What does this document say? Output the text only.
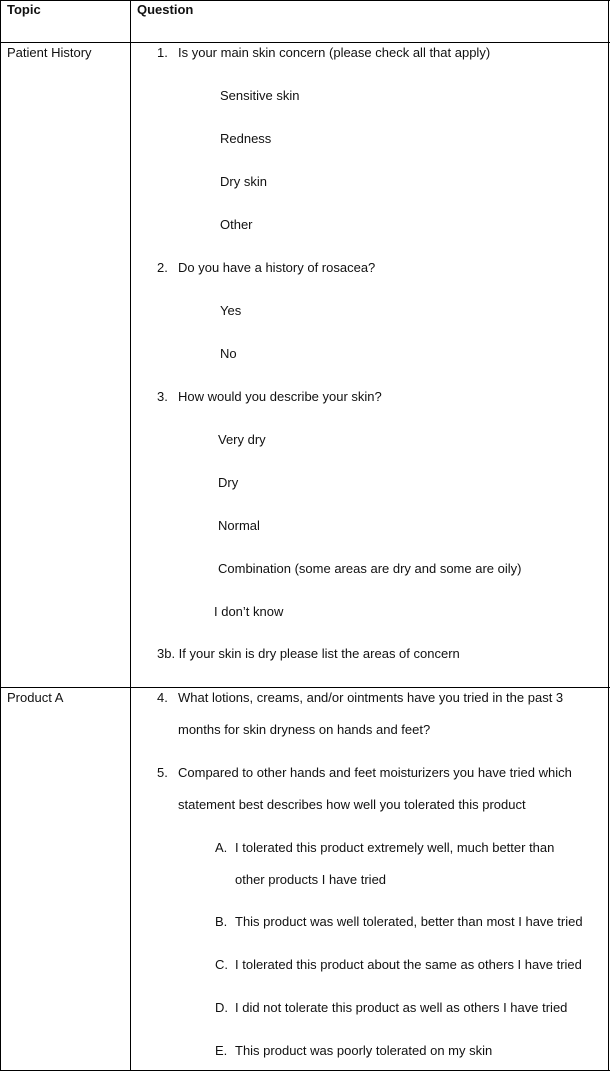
Topic	Question
Patient History	1. Is your main skin concern (please check all that apply)
Sensitive skin
Redness
Dry skin
Other
2. Do you have a history of rosacea?
Yes
No
3. How would you describe your skin?
Very dry
Dry
Normal
Combination (some areas are dry and some are oily)
I don’t know
3b. If your skin is dry please list the areas of concern
Product A	4. What lotions, creams, and/or ointments have you tried in the past 3
months for skin dryness on hands and feet?
5. Compared to other hands and feet moisturizers you have tried which
statement best describes how well you tolerated this product
A. I tolerated this product extremely well, much better than
other products I have tried
B. This product was well tolerated, better than most I have tried
C. I tolerated this product about the same as others I have tried
D. I did not tolerate this product as well as others I have tried
E. This product was poorly tolerated on my skin
